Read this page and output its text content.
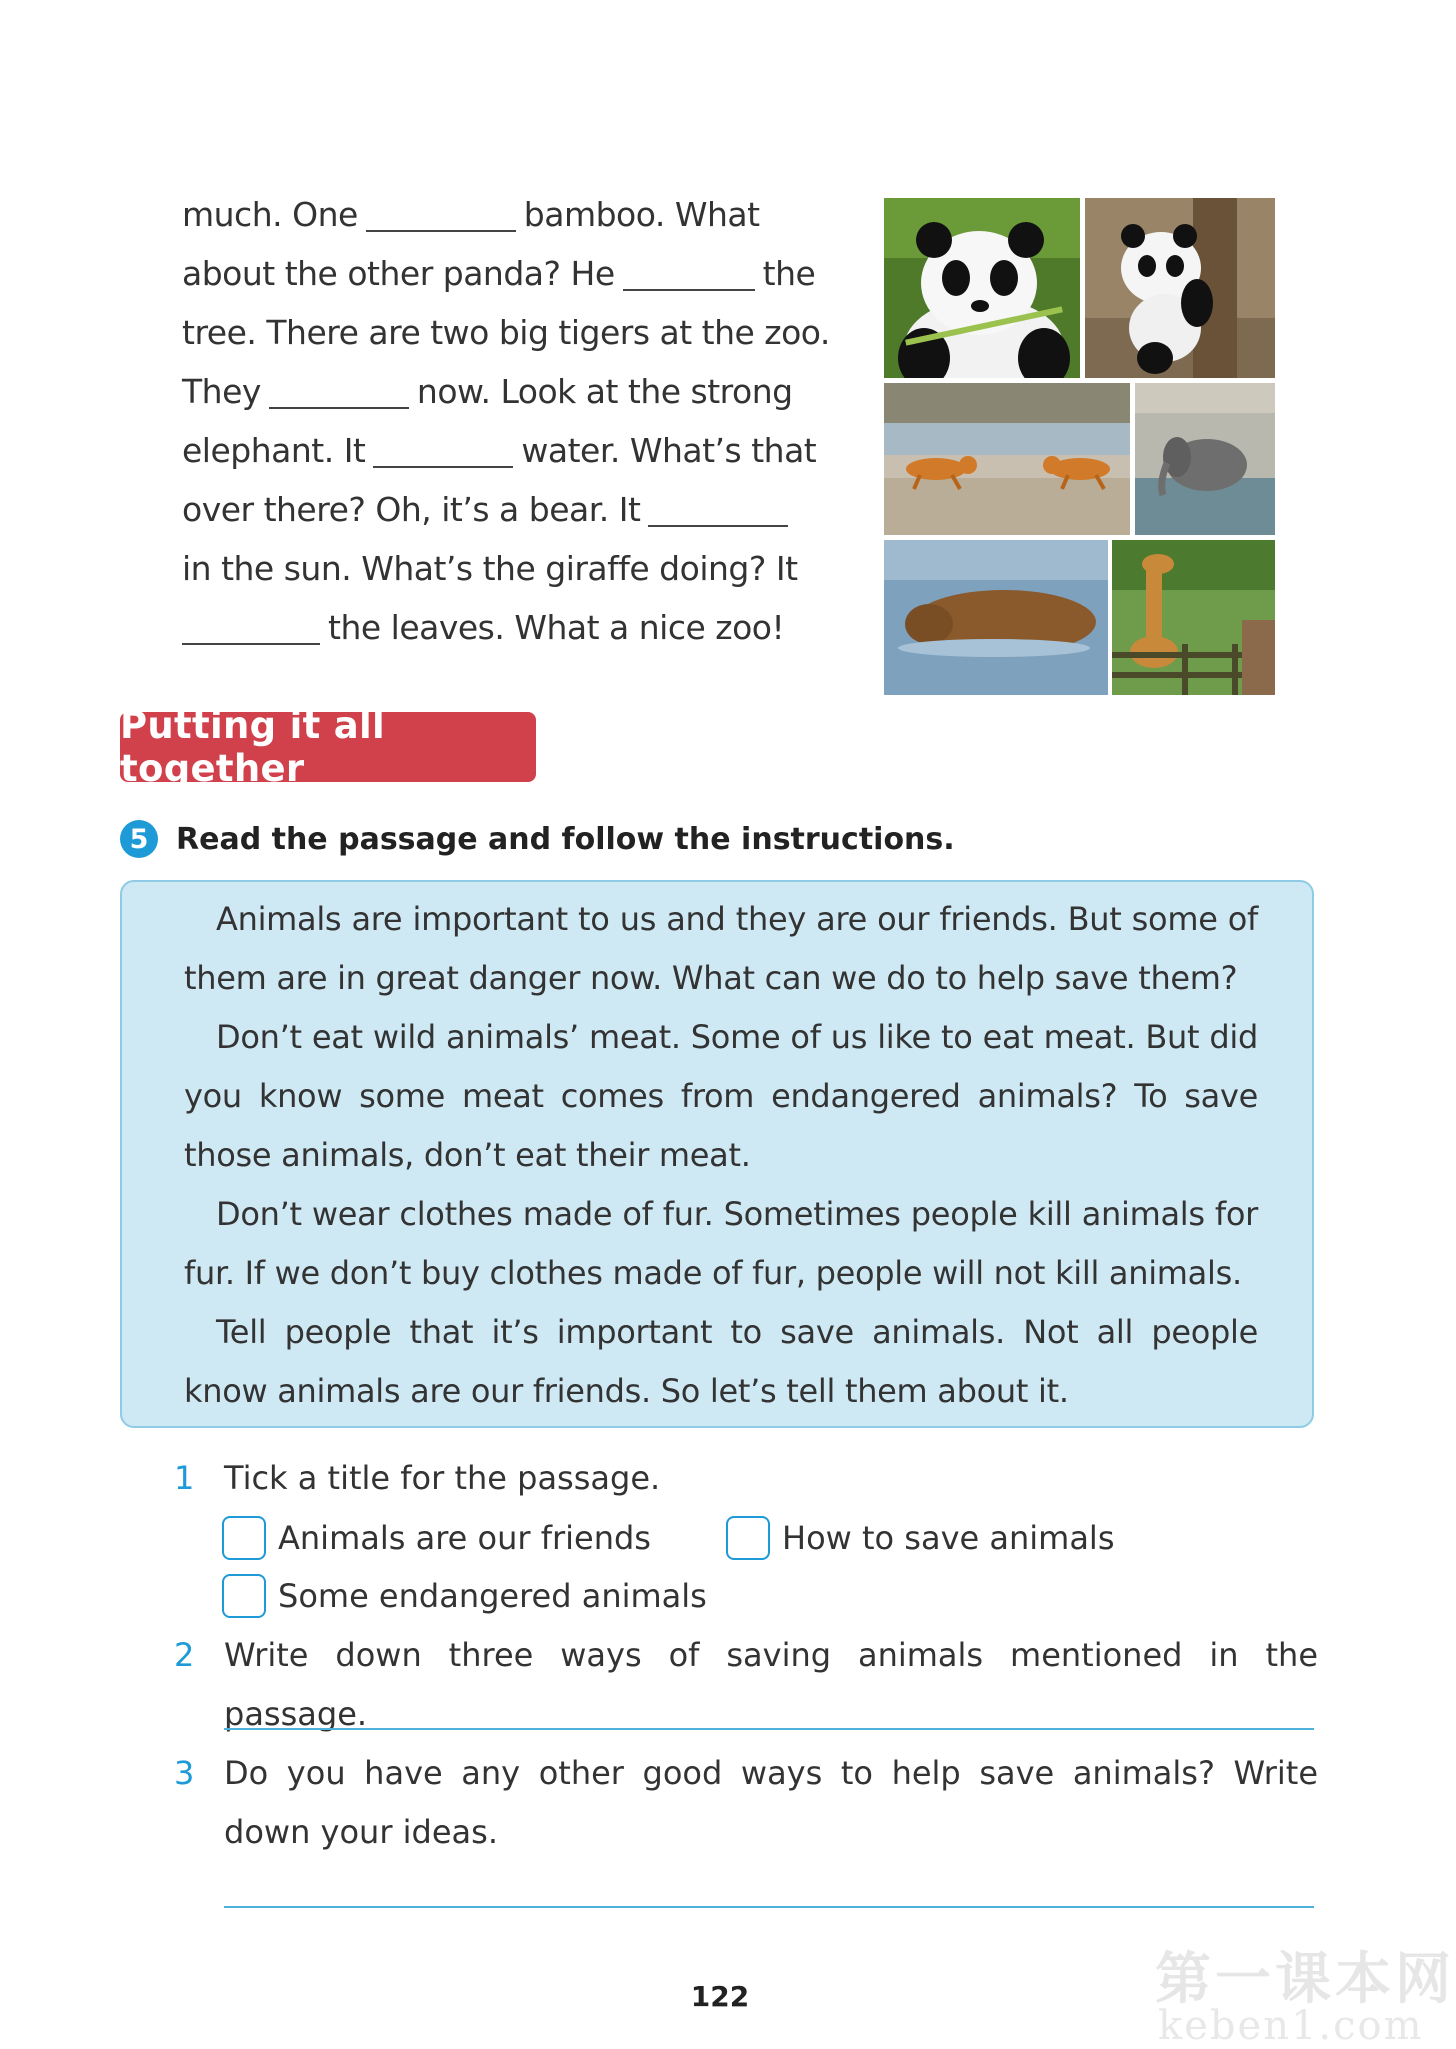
much. One	bamboo. What
about the other panda? He	the
tree. There are two big tigers at the zoo.
They	now. Look at the strong
elephant. It	water. What’s that
over there? Oh, it’s a bear. It
in the sun. What’s the giraffe doing? It
the leaves. What a nice zoo!
Putting it all together
5 Read the passage and follow the instructions.

Animals are important to us and they are our friends. But some of them are in great danger now. What can we do to help save them?

Don’t eat wild animals’ meat. Some of us like to eat meat. But did you know some meat comes from endangered animals? To save those animals, don’t eat their meat.

Don’t wear clothes made of fur. Sometimes people kill animals for fur. If we don’t buy clothes made of fur, people will not kill animals.

Tell people that it’s important to save animals. Not all people know animals are our friends. So let’s tell them about it.

1 Tick a title for the passage.
Animals are our friends	How to save animals
Some endangered animals
2 Write down three ways of saving animals mentioned in the passage.
3 Do you have any other good ways to help save animals? Write down your ideas.
122	第一课本网
keben1.com
